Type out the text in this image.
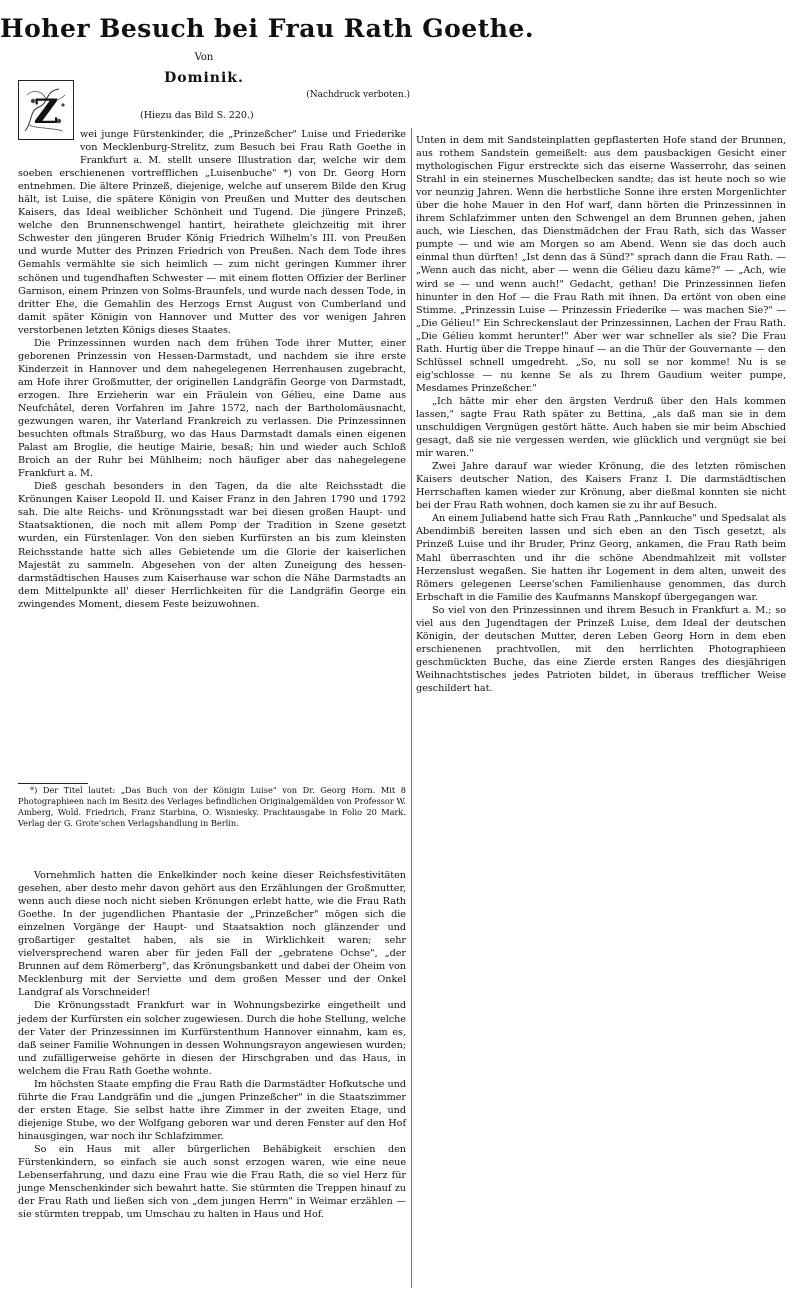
Hoher Besuch bei Frau Rath Goethe.
Von
Dominik.
(Nachdruck verboten.)
(Hiezu das Bild S. 220.)
Z

wei junge Fürstenkinder, die „Prinzeßcher" Luise und Friederike von Mecklenburg-Strelitz, zum Besuch bei Frau Rath Goethe in Frankfurt a. M. stellt unsere Illustration dar, welche wir dem soeben erschienenen vortrefflichen „Luisenbuche" *) von Dr. Georg Horn entnehmen. Die ältere Prinzeß, diejenige, welche auf unserem Bilde den Krug hält, ist Luise, die spätere Königin von Preußen und Mutter des deutschen Kaisers, das Ideal weiblicher Schönheit und Tugend. Die jüngere Prinzeß, welche den Brunnenschwengel hantirt, heirathete gleichzeitig mit ihrer Schwester den jüngeren Bruder König Friedrich Wilhelm's III. von Preußen und wurde Mutter des Prinzen Friedrich von Preußen. Nach dem Tode ihres Gemahls vermählte sie sich heimlich — zum nicht geringen Kummer ihrer schönen und tugendhaften Schwester — mit einem flotten Offizier der Berliner Garnison, einem Prinzen von Solms-Braunfels, und wurde nach dessen Tode, in dritter Ehe, die Gemahlin des Herzogs Ernst August von Cumberland und damit später Königin von Hannover und Mutter des vor wenigen Jahren verstorbenen letzten Königs dieses Staates.

Die Prinzessinnen wurden nach dem frühen Tode ihrer Mutter, einer geborenen Prinzessin von Hessen-Darmstadt, und nachdem sie ihre erste Kinderzeit in Hannover und dem nahegelegenen Herrenhausen zugebracht, am Hofe ihrer Großmutter, der originellen Landgräfin George von Darmstadt, erzogen. Ihre Erzieherin war ein Fräulein von Gélieu, eine Dame aus Neufchâtel, deren Vorfahren im Jahre 1572, nach der Bartholomäusnacht, gezwungen waren, ihr Vaterland Frankreich zu verlassen. Die Prinzessinnen besuchten oftmals Straßburg, wo das Haus Darmstadt damals einen eigenen Palast am Broglie, die heutige Mairie, besaß; hin und wieder auch Schloß Broich an der Ruhr bei Mühlheim; noch häufiger aber das nahegelegene Frankfurt a. M.

Dieß geschah besonders in den Tagen, da die alte Reichsstadt die Krönungen Kaiser Leopold II. und Kaiser Franz in den Jahren 1790 und 1792 sah. Die alte Reichs- und Krönungsstadt war bei diesen großen Haupt- und Staatsaktionen, die noch mit allem Pomp der Tradition in Szene gesetzt wurden, ein Fürstenlager. Von den sieben Kurfürsten an bis zum kleinsten Reichsstande hatte sich alles Gebietende um die Glorie der kaiserlichen Majestät zu sammeln. Abgesehen von der alten Zuneigung des hessen-darmstädtischen Hauses zum Kaiserhause war schon die Nähe Darmstadts an dem Mittelpunkte all' dieser Herrlichkeiten für die Landgräfin George ein zwingendes Moment, diesem Feste beizuwohnen.

*) Der Titel lautet: „Das Buch von der Königin Luise" von Dr. Georg Horn. Mit 8 Photographieen nach im Besitz des Verlages befindlichen Originalgemälden von Professor W. Amberg, Wold. Friedrich, Franz Starbina, O. Wisniesky. Prachtausgabe in Folio 20 Mark. Verlag der G. Grote'schen Verlagshandlung in Berlin.

Vornehmlich hatten die Enkelkinder noch keine dieser Reichsfestivitäten gesehen, aber desto mehr davon gehört aus den Erzählungen der Großmutter, wenn auch diese noch nicht sieben Krönungen erlebt hatte, wie die Frau Rath Goethe. In der jugendlichen Phantasie der „Prinzeßcher" mögen sich die einzelnen Vorgänge der Haupt- und Staatsaktion noch glänzender und großartiger gestaltet haben, als sie in Wirklichkeit waren; sehr vielversprechend waren aber für jeden Fall der „gebratene Ochse", „der Brunnen auf dem Römerberg", das Krönungsbankett und dabei der Oheim von Mecklenburg mit der Serviette und dem großen Messer und der Onkel Landgraf als Vorschneider!

Die Krönungsstadt Frankfurt war in Wohnungsbezirke eingetheilt und jedem der Kurfürsten ein solcher zugewiesen. Durch die hohe Stellung, welche der Vater der Prinzessinnen im Kurfürstenthum Hannover einnahm, kam es, daß seiner Familie Wohnungen in dessen Wohnungsrayon angewiesen wurden; und zufälligerweise gehörte in diesen der Hirschgraben und das Haus, in welchem die Frau Rath Goethe wohnte.

Im höchsten Staate empfing die Frau Rath die Darmstädter Hofkutsche und führte die Frau Landgräfin und die „jungen Prinzeßcher" in die Staatszimmer der ersten Etage. Sie selbst hatte ihre Zimmer in der zweiten Etage, und diejenige Stube, wo der Wolfgang geboren war und deren Fenster auf den Hof hinausgingen, war noch ihr Schlafzimmer.

So ein Haus mit aller bürgerlichen Behäbigkeit erschien den Fürstenkindern, so einfach sie auch sonst erzogen waren, wie eine neue Lebenserfahrung, und dazu eine Frau wie die Frau Rath, die so viel Herz für junge Menschenkinder sich bewahrt hatte. Sie stürmten die Treppen hinauf zu der Frau Rath und ließen sich von „dem jungen Herrn" in Weimar erzählen — sie stürmten treppab, um Umschau zu halten in Haus und Hof.

Unten in dem mit Sandsteinplatten gepflasterten Hofe stand der Brunnen, aus rothem Sandstein gemeißelt: aus dem pausbackigen Gesicht einer mythologischen Figur erstreckte sich das eiserne Wasserrohr, das seinen Strahl in ein steinernes Muschelbecken sandte; das ist heute noch so wie vor neunzig Jahren. Wenn die herbstliche Sonne ihre ersten Morgenlichter über die hohe Mauer in den Hof warf, dann hörten die Prinzessinnen in ihrem Schlafzimmer unten den Schwengel an dem Brunnen gehen, jahen auch, wie Lieschen, das Dienstmädchen der Frau Rath, sich das Wasser pumpte — und wie am Morgen so am Abend. Wenn sie das doch auch einmal thun dürften! „Ist denn das ä Sünd?" sprach dann die Frau Rath. — „Wenn auch das nicht, aber — wenn die Gélieu dazu käme?" — „Ach, wie wird se — und wenn auch!" Gedacht, gethan! Die Prinzessinnen liefen hinunter in den Hof — die Frau Rath mit ihnen. Da ertönt von oben eine Stimme. „Prinzessin Luise — Prinzessin Friederike — was machen Sie?" — „Die Gélieu!" Ein Schreckenslaut der Prinzessinnen, Lachen der Frau Rath. „Die Gélieu kommt herunter!" Aber wer war schneller als sie? Die Frau Rath. Hurtig über die Treppe hinauf — an die Thür der Gouvernante — den Schlüssel schnell umgedreht. „So, nu soll se nor komme! Nu is se eig'schlosse — nu kenne Se als zu Ihrem Gaudium weiter pumpe, Mesdames Prinzeßcher."

„Ich hätte mir eher den ärgsten Verdruß über den Hals kommen lassen," sagte Frau Rath später zu Bettina, „als daß man sie in dem unschuldigen Vergnügen gestört hätte. Auch haben sie mir beim Abschied gesagt, daß sie nie vergessen werden, wie glücklich und vergnügt sie bei mir waren."

Zwei Jahre darauf war wieder Krönung, die des letzten römischen Kaisers deutscher Nation, des Kaisers Franz I. Die darmstädtischen Herrschaften kamen wieder zur Krönung, aber dießmal konnten sie nicht bei der Frau Rath wohnen, doch kamen sie zu ihr auf Besuch.

An einem Juliabend hatte sich Frau Rath „Pannkuche" und Spedsalat als Abendimbiß bereiten lassen und sich eben an den Tisch gesetzt, als Prinzeß Luise und ihr Bruder, Prinz Georg, ankamen, die Frau Rath beim Mahl überraschten und ihr die schöne Abendmahlzeit mit vollster Herzenslust wegaßen. Sie hatten ihr Logement in dem alten, unweit des Römers gelegenen Leerse'schen Familienhause genommen, das durch Erbschaft in die Familie des Kaufmanns Manskopf übergegangen war.

So viel von den Prinzessinnen und ihrem Besuch in Frankfurt a. M.; so viel aus den Jugendtagen der Prinzeß Luise, dem Ideal der deutschen Königin, der deutschen Mutter, deren Leben Georg Horn in dem eben erschienenen prachtvollen, mit den herrlichten Photographieen geschmückten Buche, das eine Zierde ersten Ranges des diesjährigen Weihnachtstisches jedes Patrioten bildet, in überaus trefflicher Weise geschildert hat.
